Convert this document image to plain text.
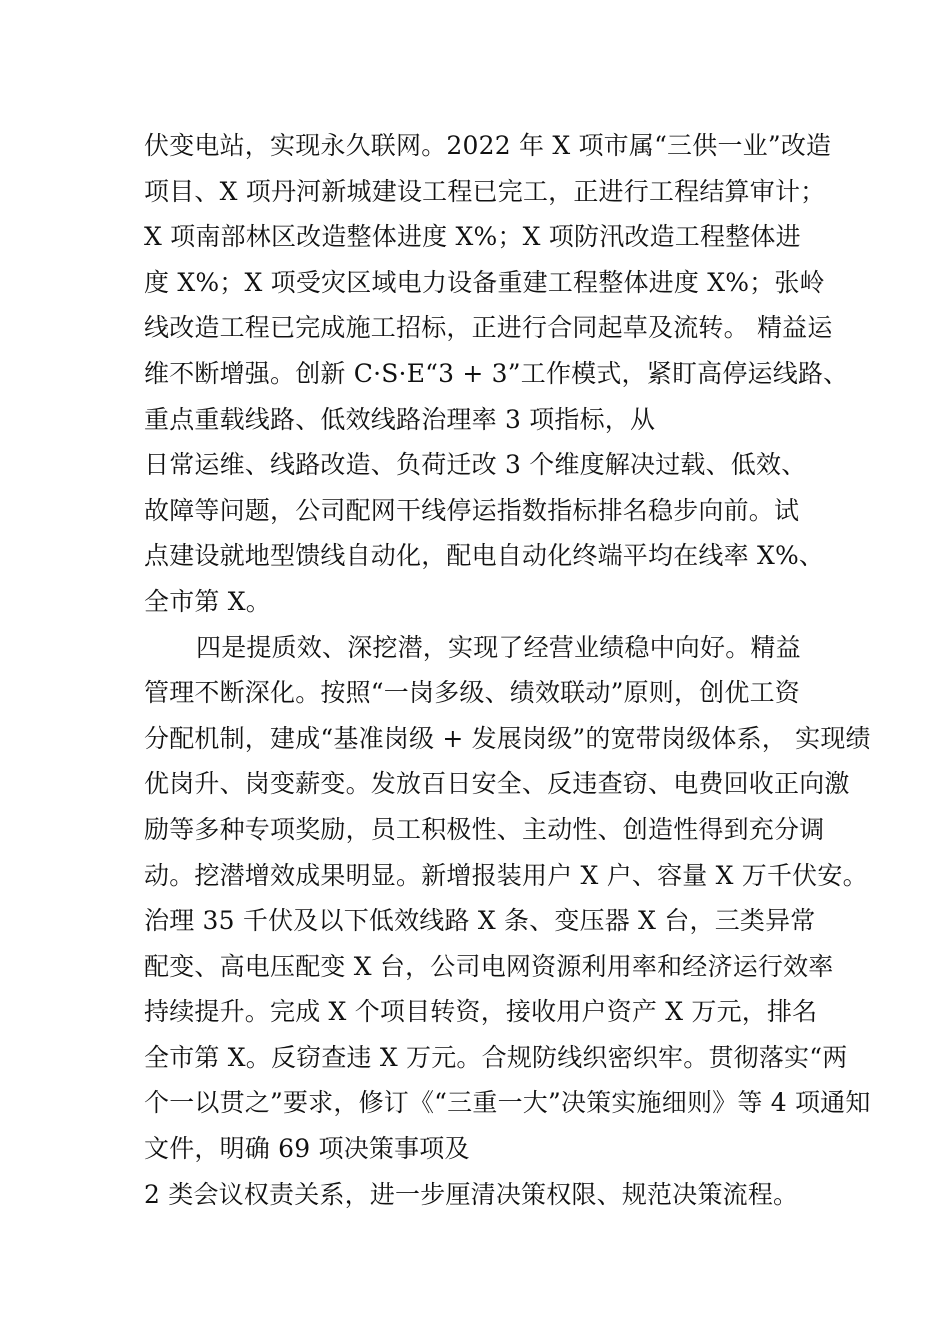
伏变电站，实现永久联网。2022 年 X 项市属“三供一业”改造
项目、X 项丹河新城建设工程已完工，正进行工程结算审计；
X 项南部林区改造整体进度 X%；X 项防汛改造工程整体进
度 X%；X 项受灾区域电力设备重建工程整体进度 X%；张岭
线改造工程已完成施工招标，正进行合同起草及流转。 精益运
维不断增强。创新 C·S·E“3 + 3”工作模式，紧盯高停运线路、
重点重载线路、低效线路治理率 3 项指标，从
日常运维、线路改造、负荷迁改 3 个维度解决过载、低效、
故障等问题，公司配网干线停运指数指标排名稳步向前。试
点建设就地型馈线自动化，配电自动化终端平均在线率 X%、
全市第 X。
四是提质效、深挖潜，实现了经营业绩稳中向好。精益
管理不断深化。按照“一岗多级、绩效联动”原则，创优工资
分配机制，建成“基准岗级 + 发展岗级”的宽带岗级体系， 实现绩
优岗升、岗变薪变。发放百日安全、反违查窃、电费回收正向激
励等多种专项奖励，员工积极性、主动性、创造性得到充分调
动。挖潜增效成果明显。新增报装用户 X 户、容量 X 万千伏安。
治理 35 千伏及以下低效线路 X 条、变压器 X 台，三类异常
配变、高电压配变 X 台，公司电网资源利用率和经济运行效率
持续提升。完成 X 个项目转资，接收用户资产 X 万元，排名
全市第 X。反窃查违 X 万元。合规防线织密织牢。贯彻落实“两
个一以贯之”要求，修订《“三重一大”决策实施细则》等 4 项通知
文件，明确 69 项决策事项及
2 类会议权责关系，进一步厘清决策权限、规范决策流程。
